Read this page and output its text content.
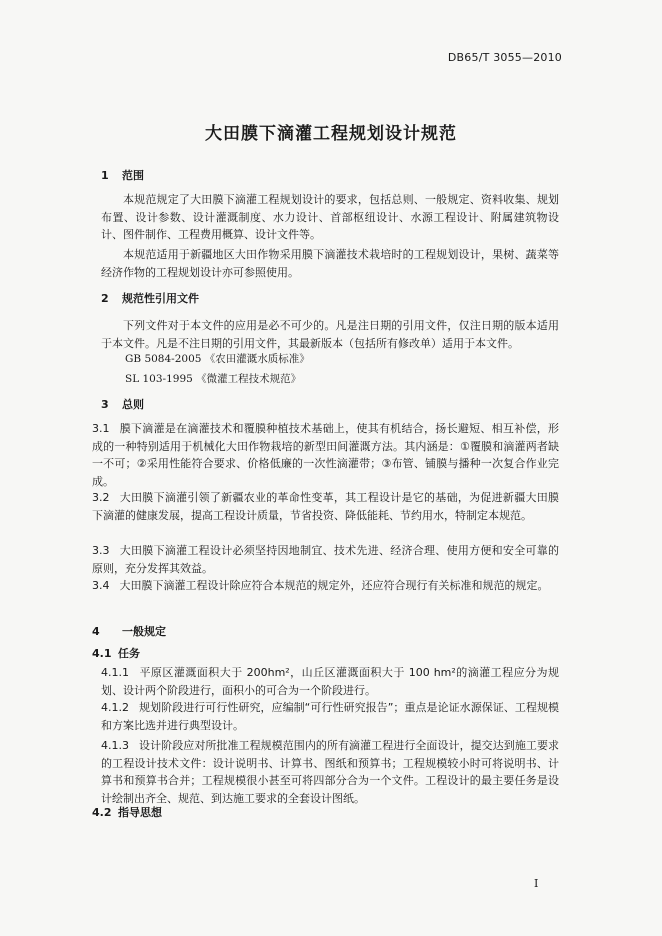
DB65/T 3055—2010
大田膜下滴灌工程规划设计规范
1 范围
本规范规定了大田膜下滴灌工程规划设计的要求，包括总则、一般规定、资料收集、规划布置、设计参数、设计灌溉制度、水力设计、首部枢纽设计、水源工程设计、附属建筑物设计、图件制作、工程费用概算、设计文件等。
本规范适用于新疆地区大田作物采用膜下滴灌技术栽培时的工程规划设计，果树、蔬菜等经济作物的工程规划设计亦可参照使用。
2 规范性引用文件
下列文件对于本文件的应用是必不可少的。凡是注日期的引用文件，仅注日期的版本适用于本文件。凡是不注日期的引用文件，其最新版本（包括所有修改单）适用于本文件。
GB 5084-2005 《农田灌溉水质标准》
SL 103-1995 《微灌工程技术规范》
3 总则
3.1 膜下滴灌是在滴灌技术和覆膜种植技术基础上，使其有机结合，扬长避短、相互补偿，形成的一种特别适用于机械化大田作物栽培的新型田间灌溉方法。其内涵是：①覆膜和滴灌两者缺一不可；②采用性能符合要求、价格低廉的一次性滴灌带；③布管、铺膜与播种一次复合作业完成。
3.2 大田膜下滴灌引领了新疆农业的革命性变革，其工程设计是它的基础，为促进新疆大田膜下滴灌的健康发展，提高工程设计质量，节省投资、降低能耗、节约用水，特制定本规范。
3.3 大田膜下滴灌工程设计必须坚持因地制宜、技术先进、经济合理、使用方便和安全可靠的原则，充分发挥其效益。
3.4 大田膜下滴灌工程设计除应符合本规范的规定外，还应符合现行有关标准和规范的规定。
4 一般规定
4.1 任务
4.1.1 平原区灌溉面积大于 200hm²，山丘区灌溉面积大于 100 hm²的滴灌工程应分为规划、设计两个阶段进行，面积小的可合为一个阶段进行。
4.1.2 规划阶段进行可行性研究，应编制“可行性研究报告”；重点是论证水源保证、工程规模和方案比选并进行典型设计。
4.1.3 设计阶段应对所批准工程规模范围内的所有滴灌工程进行全面设计，提交达到施工要求的工程设计技术文件：设计说明书、计算书、图纸和预算书；工程规模较小时可将说明书、计算书和预算书合并；工程规模很小甚至可将四部分合为一个文件。工程设计的最主要任务是设计绘制出齐全、规范、到达施工要求的全套设计图纸。
4.2 指导思想
I
